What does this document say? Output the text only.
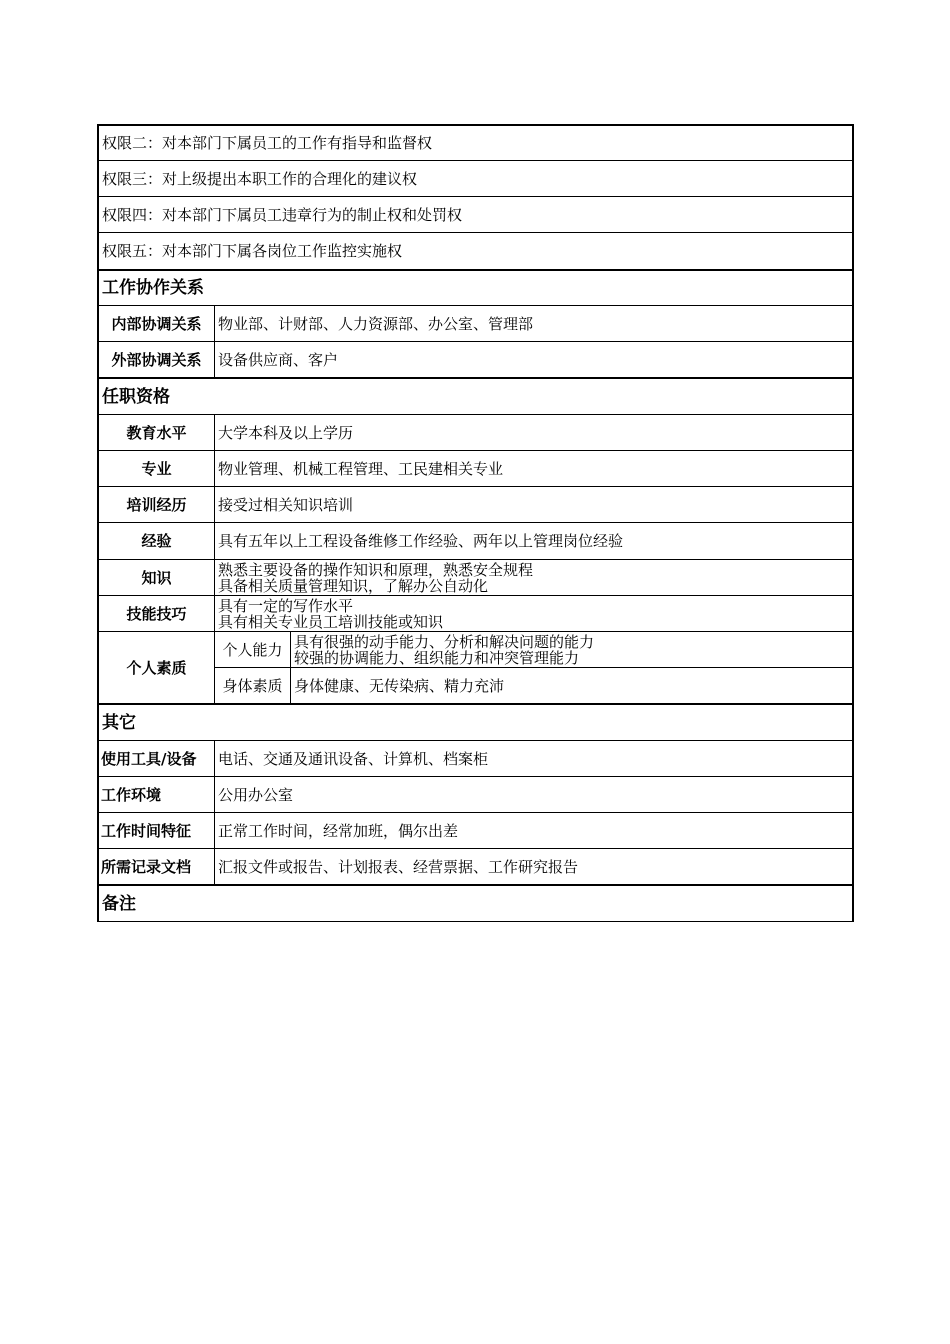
权限二：对本部门下属员工的工作有指导和监督权
权限三：对上级提出本职工作的合理化的建议权
权限四：对本部门下属员工违章行为的制止权和处罚权
权限五：对本部门下属各岗位工作监控实施权
工作协作关系
内部协调关系	物业部、计财部、人力资源部、办公室、管理部
外部协调关系	设备供应商、客户
任职资格
教育水平	大学本科及以上学历
专业	物业管理、机械工程管理、工民建相关专业
培训经历	接受过相关知识培训
经验	具有五年以上工程设备维修工作经验、两年以上管理岗位经验
知识	熟悉主要设备的操作知识和原理，熟悉安全规程
具备相关质量管理知识，了解办公自动化
技能技巧	具有一定的写作水平
具有相关专业员工培训技能或知识
个人素质
个人能力 具有很强的动手能力、分析和解决问题的能力
较强的协调能力、组织能力和冲突管理能力
身体素质 身体健康、无传染病、精力充沛
其它
使用工具/设备	电话、交通及通讯设备、计算机、档案柜
工作环境	公用办公室
工作时间特征	正常工作时间，经常加班，偶尔出差
所需记录文档	汇报文件或报告、计划报表、经营票据、工作研究报告
备注
